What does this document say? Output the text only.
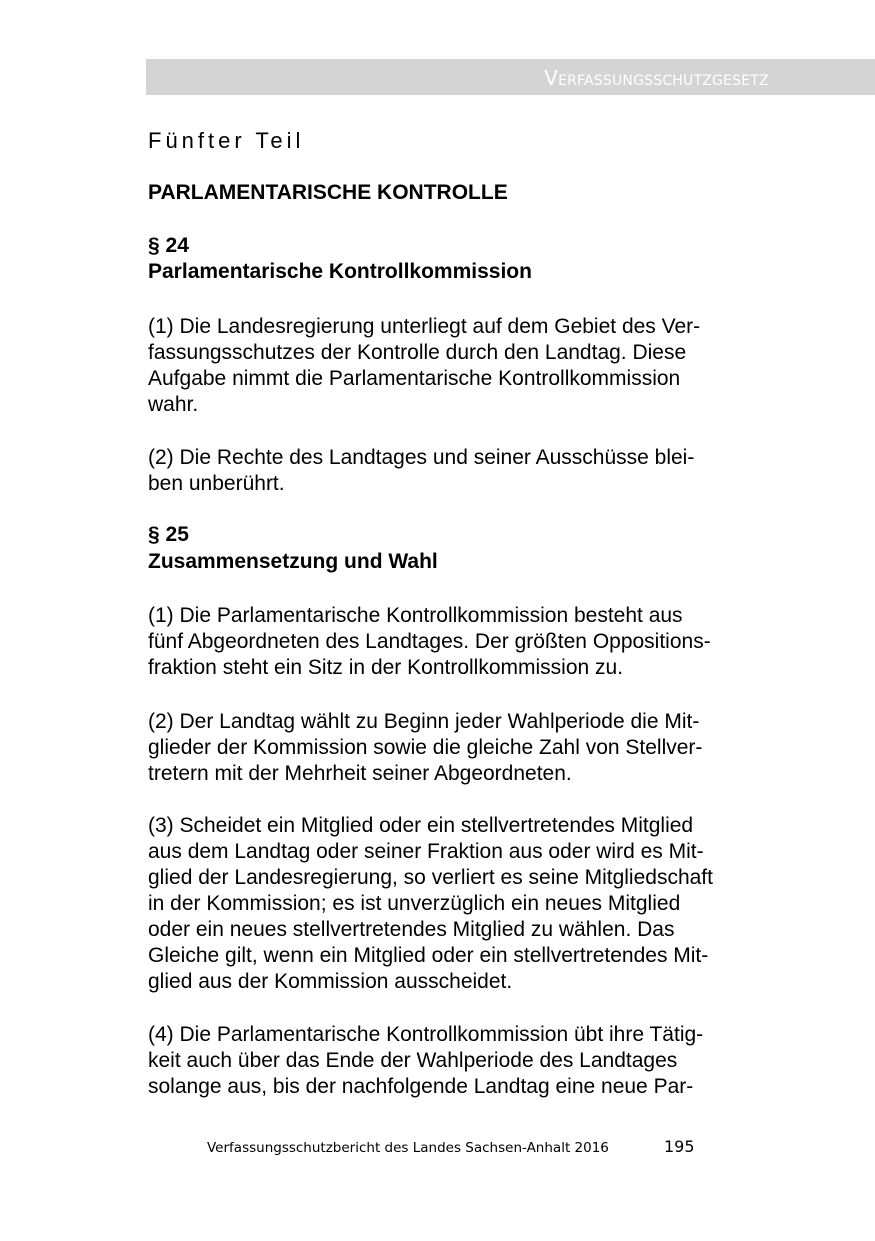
Verfassungsschutzgesetz
Fünfter Teil
PARLAMENTARISCHE KONTROLLE
§ 24
Parlamentarische Kontrollkommission
(1) Die Landesregierung unterliegt auf dem Gebiet des Ver-
fassungsschutzes der Kontrolle durch den Landtag. Diese
Aufgabe nimmt die Parlamentarische Kontrollkommission
wahr.
(2) Die Rechte des Landtages und seiner Ausschüsse blei-
ben unberührt.
§ 25
Zusammensetzung und Wahl
(1) Die Parlamentarische Kontrollkommission besteht aus
fünf Abgeordneten des Landtages. Der größten Oppositions-
fraktion steht ein Sitz in der Kontrollkommission zu.
(2) Der Landtag wählt zu Beginn jeder Wahlperiode die Mit-
glieder der Kommission sowie die gleiche Zahl von Stellver-
tretern mit der Mehrheit seiner Abgeordneten.
(3) Scheidet ein Mitglied oder ein stellvertretendes Mitglied
aus dem Landtag oder seiner Fraktion aus oder wird es Mit-
glied der Landesregierung, so verliert es seine Mitgliedschaft
in der Kommission; es ist unverzüglich ein neues Mitglied
oder ein neues stellvertretendes Mitglied zu wählen. Das
Gleiche gilt, wenn ein Mitglied oder ein stellvertretendes Mit-
glied aus der Kommission ausscheidet.
(4) Die Parlamentarische Kontrollkommission übt ihre Tätig-
keit auch über das Ende der Wahlperiode des Landtages
solange aus, bis der nachfolgende Landtag eine neue Par-
Verfassungsschutzbericht des Landes Sachsen-Anhalt 2016	195
